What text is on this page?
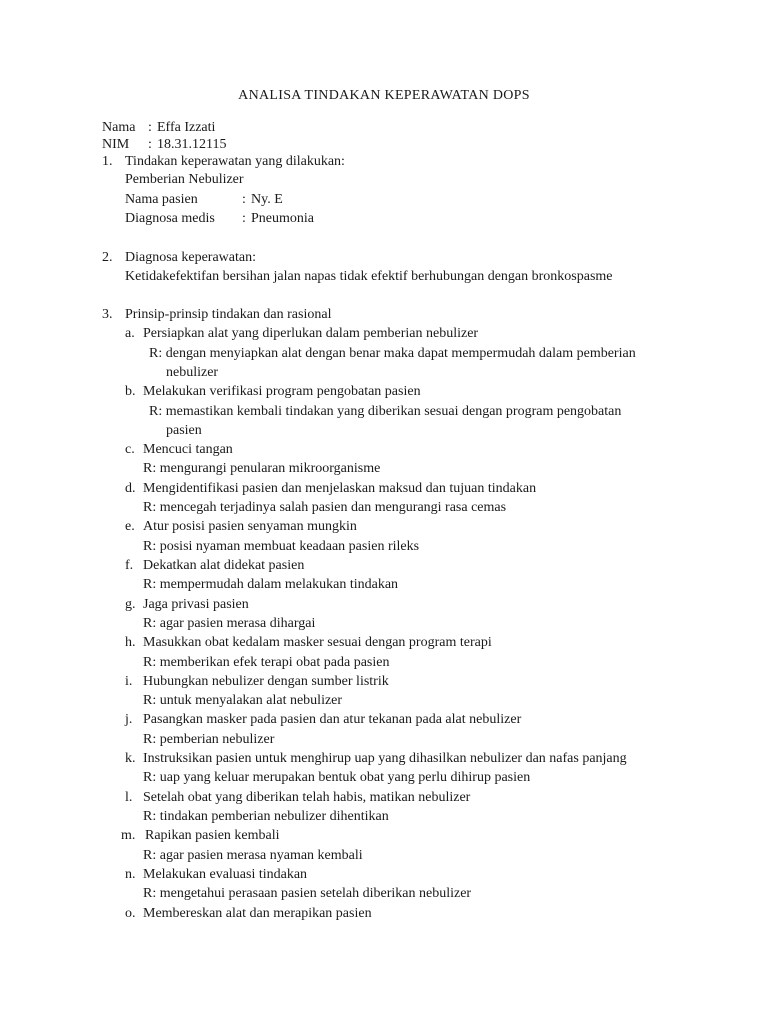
ANALISA TINDAKAN KEPERAWATAN DOPS
Nama : Effa Izzati
NIM : 18.31.12115
1. Tindakan keperawatan yang dilakukan:
Pemberian Nebulizer
Nama pasien	: Ny. E
Diagnosa medis : Pneumonia
2. Diagnosa keperawatan:
Ketidakefektifan bersihan jalan napas tidak efektif berhubungan dengan bronkospasme
3. Prinsip-prinsip tindakan dan rasional
a. Persiapkan alat yang diperlukan dalam pemberian nebulizer
R: dengan menyiapkan alat dengan benar maka dapat mempermudah dalam pemberian
nebulizer
b. Melakukan verifikasi program pengobatan pasien
R: memastikan kembali tindakan yang diberikan sesuai dengan program pengobatan
pasien
c. Mencuci tangan
R: mengurangi penularan mikroorganisme
d. Mengidentifikasi pasien dan menjelaskan maksud dan tujuan tindakan
R: mencegah terjadinya salah pasien dan mengurangi rasa cemas
e. Atur posisi pasien senyaman mungkin
R: posisi nyaman membuat keadaan pasien rileks
f. Dekatkan alat didekat pasien
R: mempermudah dalam melakukan tindakan
g. Jaga privasi pasien
R: agar pasien merasa dihargai
h. Masukkan obat kedalam masker sesuai dengan program terapi
R: memberikan efek terapi obat pada pasien
i. Hubungkan nebulizer dengan sumber listrik
R: untuk menyalakan alat nebulizer
j. Pasangkan masker pada pasien dan atur tekanan pada alat nebulizer
R: pemberian nebulizer
k. Instruksikan pasien untuk menghirup uap yang dihasilkan nebulizer dan nafas panjang
R: uap yang keluar merupakan bentuk obat yang perlu dihirup pasien
l. Setelah obat yang diberikan telah habis, matikan nebulizer
R: tindakan pemberian nebulizer dihentikan
m. Rapikan pasien kembali
R: agar pasien merasa nyaman kembali
n. Melakukan evaluasi tindakan
R: mengetahui perasaan pasien setelah diberikan nebulizer
o. Membereskan alat dan merapikan pasien
